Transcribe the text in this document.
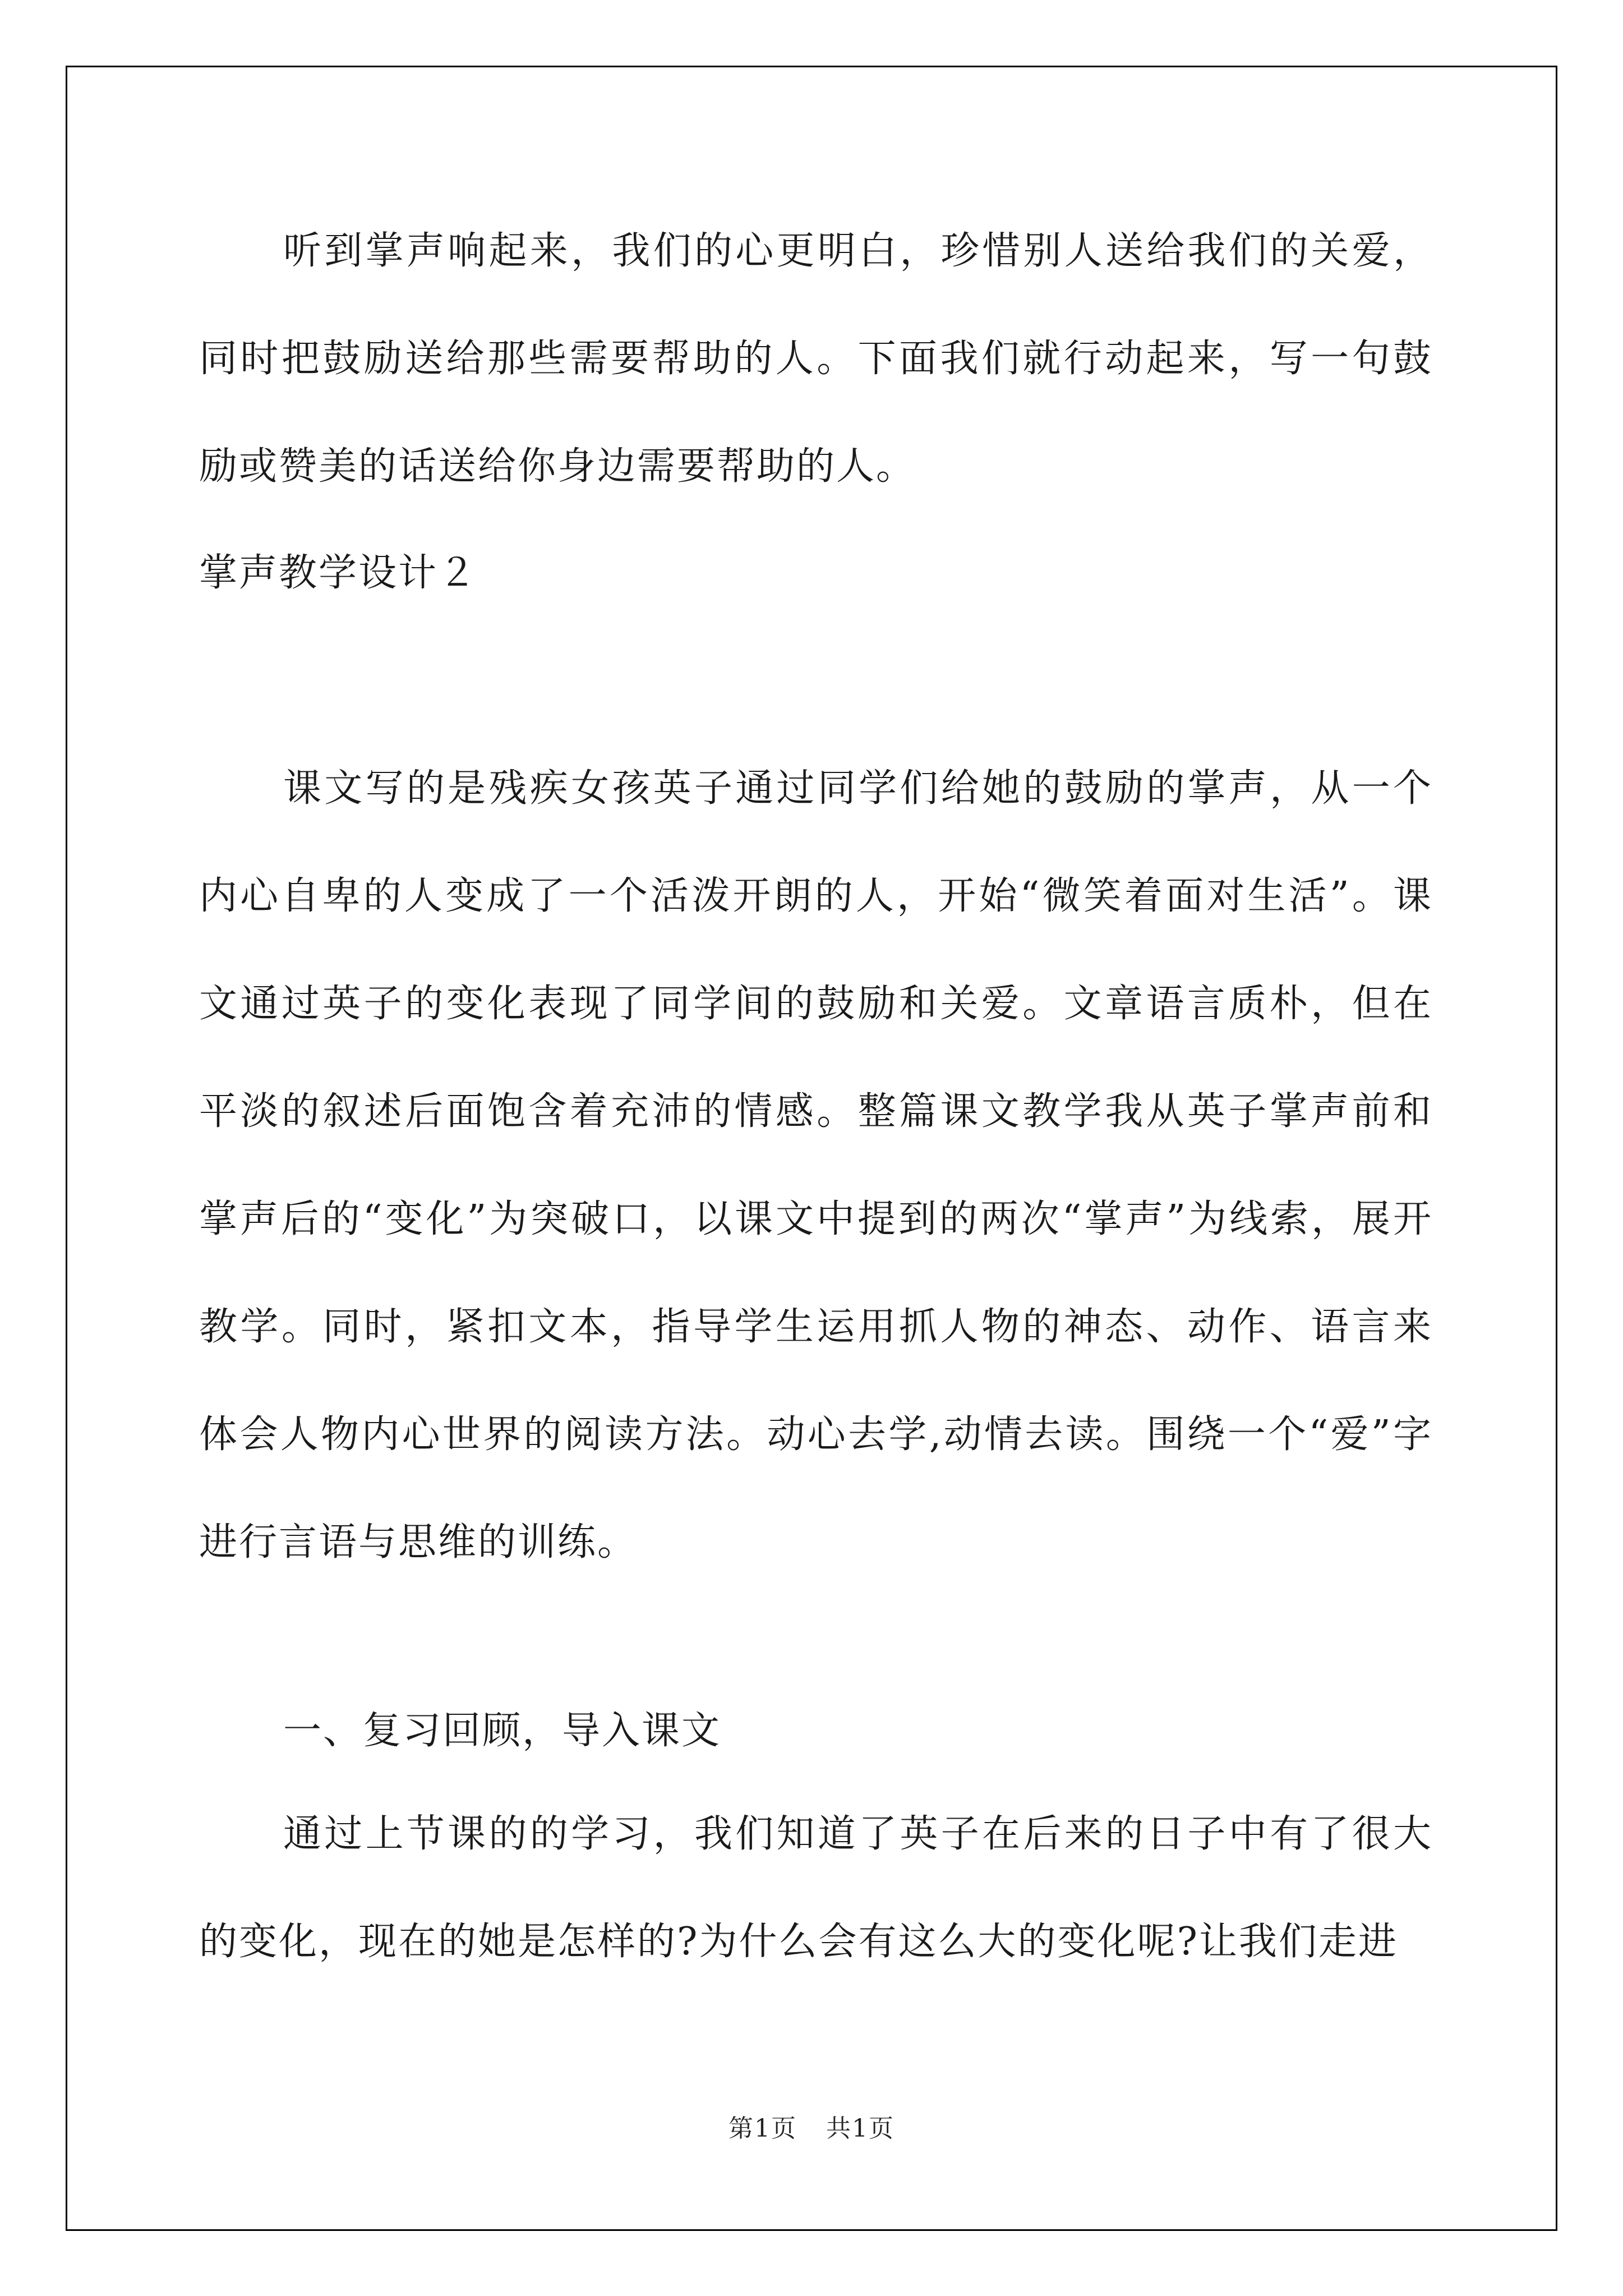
听到掌声响起来，我们的心更明白，珍惜别人送给我们的关爱，同时把鼓励送给那些需要帮助的人。下面我们就行动起来，写一句鼓励或赞美的话送给你身边需要帮助的人。

掌声教学设计２

课文写的是残疾女孩英子通过同学们给她的鼓励的掌声，从一个内心自卑的人变成了一个活泼开朗的人，开始“微笑着面对生活”。课文通过英子的变化表现了同学间的鼓励和关爱。文章语言质朴，但在平淡的叙述后面饱含着充沛的情感。整篇课文教学我从英子掌声前和掌声后的“变化”为突破口，以课文中提到的两次“掌声”为线索，展开教学。同时，紧扣文本，指导学生运用抓人物的神态、动作、语言来体会人物内心世界的阅读方法。动心去学,动情去读。围绕一个“爱”字进行言语与思维的训练。

一、复习回顾，导入课文

通过上节课的的学习，我们知道了英子在后来的日子中有了很大的变化，现在的她是怎样的?为什么会有这么大的变化呢?让我们走进

第1页 共1页
